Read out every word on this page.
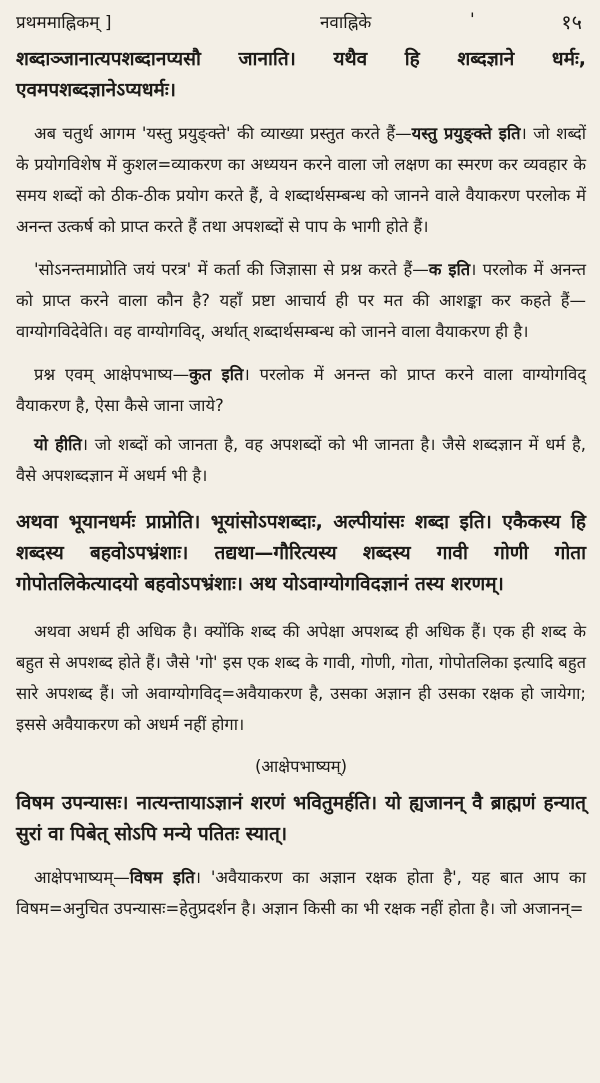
प्रथममाह्निकम् ]	नवाह्निके	'	१५

शब्दाञ्जानात्यपशब्दानप्यसौ जानाति। यथैव हि शब्दज्ञाने धर्मः, एवमपशब्दज्ञानेऽप्यधर्मः।

अब चतुर्थ आगम 'यस्तु प्रयुङ्क्ते' की व्याख्या प्रस्तुत करते हैं—यस्तु प्रयुङ्क्ते इति। जो शब्दों के प्रयोगविशेष में कुशल=व्याकरण का अध्ययन करने वाला जो लक्षण का स्मरण कर व्यवहार के समय शब्दों को ठीक-ठीक प्रयोग करते हैं, वे शब्दार्थसम्बन्ध को जानने वाले वैयाकरण परलोक में अनन्त उत्कर्ष को प्राप्त करते हैं तथा अपशब्दों से पाप के भागी होते हैं।

'सोऽनन्तमाप्नोति जयं परत्र' में कर्ता की जिज्ञासा से प्रश्न करते हैं—क इति। परलोक में अनन्त को प्राप्त करने वाला कौन है? यहाँ प्रष्टा आचार्य ही पर मत की आशङ्का कर कहते हैं—वाग्योगविदेवेति। वह वाग्योगविद्, अर्थात् शब्दार्थसम्बन्ध को जानने वाला वैयाकरण ही है।

प्रश्न एवम् आक्षेपभाष्य—कुत इति। परलोक में अनन्त को प्राप्त करने वाला वाग्योगविद् वैयाकरण है, ऐसा कैसे जाना जाये?

यो हीति। जो शब्दों को जानता है, वह अपशब्दों को भी जानता है। जैसे शब्दज्ञान में धर्म है, वैसे अपशब्दज्ञान में अधर्म भी है।

अथवा भूयानधर्मः प्राप्नोति। भूयांसोऽपशब्दाः, अल्पीयांसः शब्दा इति। एकैकस्य हि शब्दस्य बहवोऽपभ्रंशाः। तद्यथा—गौरित्यस्य शब्दस्य गावी गोणी गोता गोपोतलिकेत्यादयो बहवोऽपभ्रंशाः। अथ योऽवाग्योगविदज्ञानं तस्य शरणम्।

अथवा अधर्म ही अधिक है। क्योंकि शब्द की अपेक्षा अपशब्द ही अधिक हैं। एक ही शब्द के बहुत से अपशब्द होते हैं। जैसे 'गो' इस एक शब्द के गावी, गोणी, गोता, गोपोतलिका इत्यादि बहुत सारे अपशब्द हैं। जो अवाग्योगविद्=अवैयाकरण है, उसका अज्ञान ही उसका रक्षक हो जायेगा; इससे अवैयाकरण को अधर्म नहीं होगा।

(आक्षेपभाष्यम्)

विषम उपन्यासः। नात्यन्तायाऽज्ञानं शरणं भवितुमर्हति। यो ह्यजानन् वै ब्राह्मणं हन्यात् सुरां वा पिबेत् सोऽपि मन्ये पतितः स्यात्।

आक्षेपभाष्यम्—विषम इति। 'अवैयाकरण का अज्ञान रक्षक होता है', यह बात आप का विषम=अनुचित उपन्यासः=हेतुप्रदर्शन है। अज्ञान किसी का भी रक्षक नहीं होता है। जो अजानन्=
